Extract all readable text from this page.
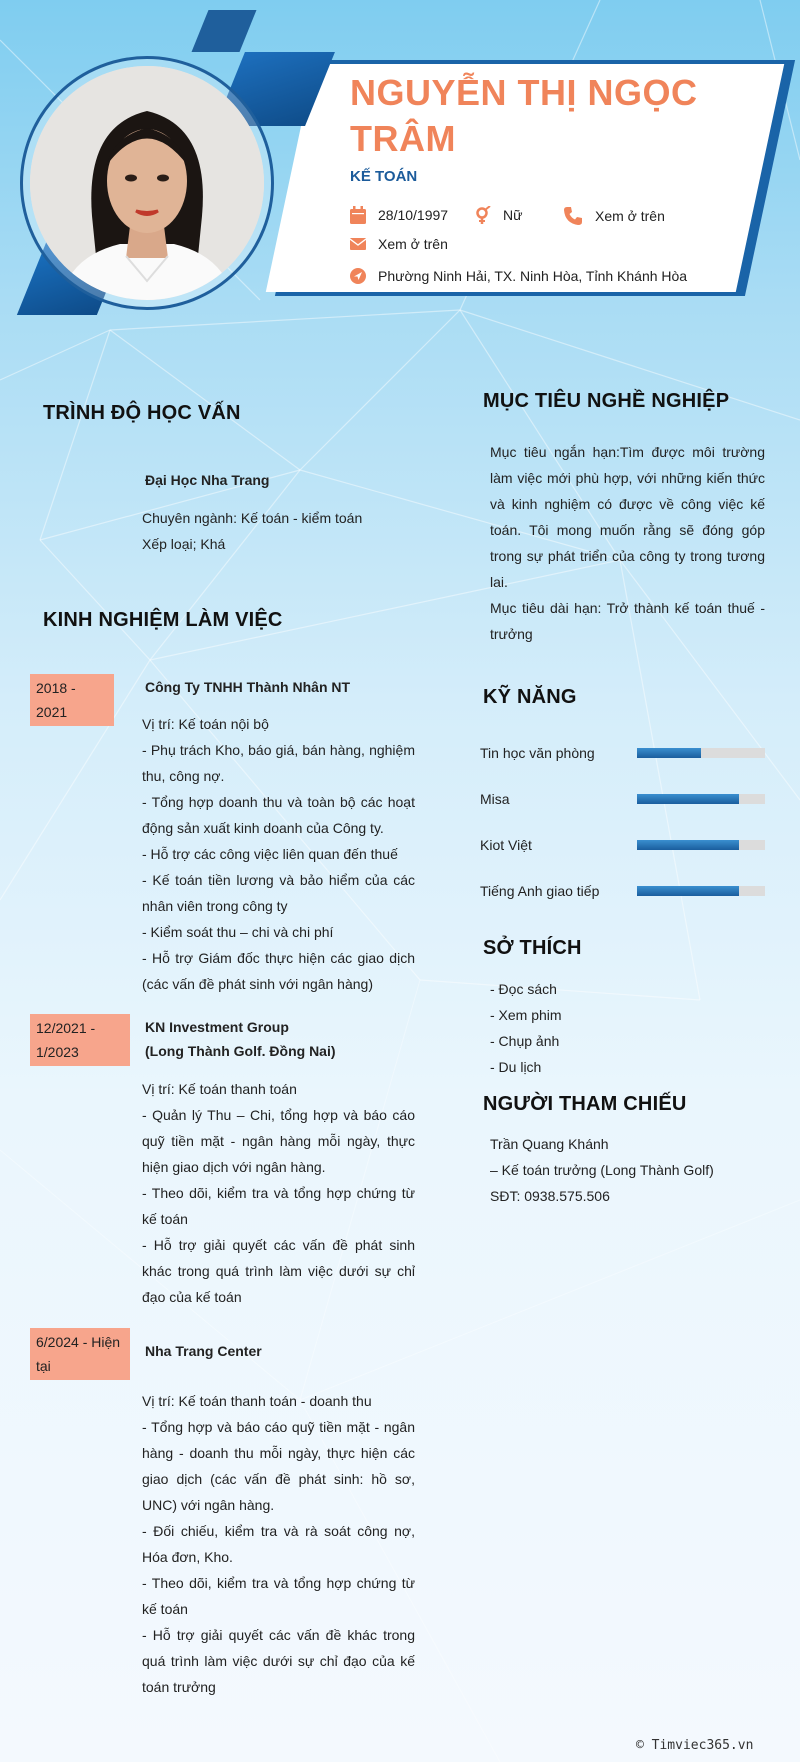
NGUYỄN THỊ NGỌC TRÂM
KẾ TOÁN
28/10/1997	Nữ	Xem ở trên
Xem ở trên
Phường Ninh Hải, TX. Ninh Hòa, Tỉnh Khánh Hòa
TRÌNH ĐỘ HỌC VẤN
Đại Học Nha Trang
Chuyên ngành: Kế toán - kiểm toán
Xếp loại; Khá
KINH NGHIỆM LÀM VIỆC
2018 - 2021
Công Ty TNHH Thành Nhân NT
Vị trí: Kế toán nội bộ
- Phụ trách Kho, báo giá, bán hàng, nghiệm thu, công nợ.
- Tổng hợp doanh thu và toàn bộ các hoạt động sản xuất kinh doanh của Công ty.
- Hỗ trợ các công việc liên quan đến thuế
- Kế toán tiền lương và bảo hiểm của các nhân viên trong công ty
- Kiểm soát thu – chi và chi phí
- Hỗ trợ Giám đốc thực hiện các giao dịch (các vấn đề phát sinh với ngân hàng)
12/2021 - 1/2023
KN Investment Group
(Long Thành Golf. Đồng Nai)
Vị trí: Kế toán thanh toán
- Quản lý Thu – Chi, tổng hợp và báo cáo quỹ tiền mặt - ngân hàng mỗi ngày, thực hiện giao dịch với ngân hàng.
- Theo dõi, kiểm tra và tổng hợp chứng từ kế toán
- Hỗ trợ giải quyết các vấn đề phát sinh khác trong quá trình làm việc dưới sự chỉ đạo của kế toán
6/2024 - Hiện tại
Nha Trang Center
Vị trí: Kế toán thanh toán - doanh thu
- Tổng hợp và báo cáo quỹ tiền mặt - ngân hàng - doanh thu mỗi ngày, thực hiện các giao dịch (các vấn đề phát sinh: hồ sơ, UNC) với ngân hàng.
- Đối chiếu, kiểm tra và rà soát công nợ, Hóa đơn, Kho.
- Theo dõi, kiểm tra và tổng hợp chứng từ kế toán
- Hỗ trợ giải quyết các vấn đề khác trong quá trình làm việc dưới sự chỉ đạo của kế toán trưởng
MỤC TIÊU NGHỀ NGHIỆP
Mục tiêu ngắn hạn:Tìm được môi trường làm việc mới phù hợp, với những kiến thức và kinh nghiệm có được về công việc kế toán. Tôi mong muốn rằng sẽ đóng góp trong sự phát triển của công ty trong tương lai.
Mục tiêu dài hạn: Trở thành kế toán thuế - trưởng
KỸ NĂNG
Tin học văn phòng
Misa
Kiot Việt
Tiếng Anh giao tiếp
SỞ THÍCH
- Đọc sách
- Xem phim
- Chụp ảnh
- Du lịch
NGƯỜI THAM CHIẾU
Trần Quang Khánh
– Kế toán trưởng (Long Thành Golf)
SĐT: 0938.575.506
© Timviec365.vn
